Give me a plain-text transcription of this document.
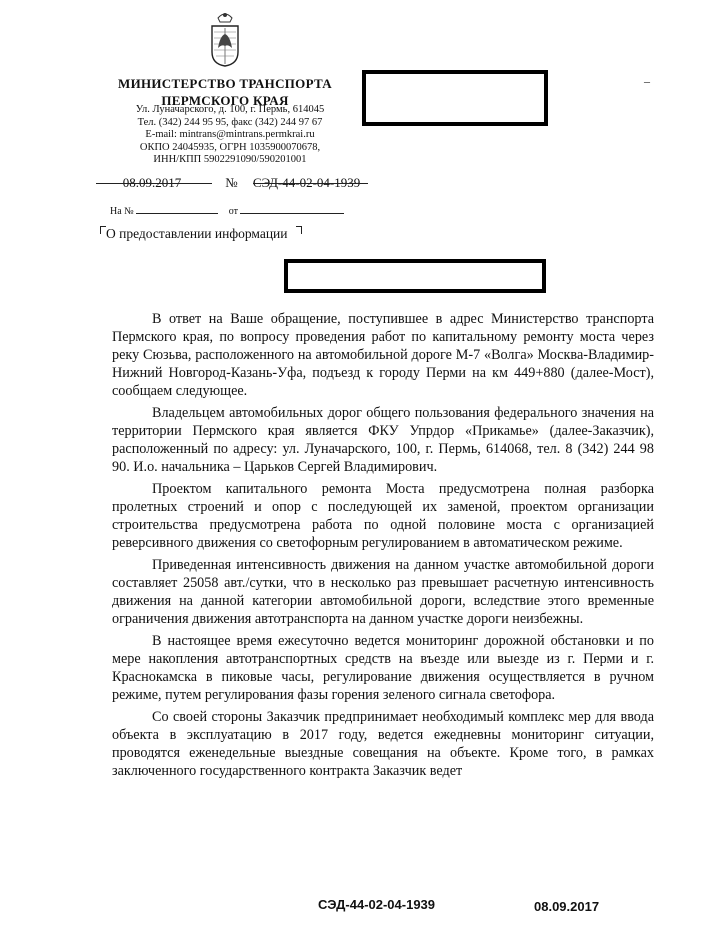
МИНИСТЕРСТВО ТРАНСПОРТА
ПЕРМСКОГО КРАЯ
Ул. Луначарского, д. 100, г. Пермь, 614045
Тел. (342) 244 95 95, факс (342) 244 97 67
E-mail: mintrans@mintrans.permkrai.ru
ОКПО 24045935, ОГРН 1035900070678,
ИНН/КПП 5902291090/590201001
–
08.09.2017	№ СЭД-44-02-04-1939
На №	от
О предоставлении информации

В ответ на Ваше обращение, поступившее в адрес Министерство транспорта Пермского края, по вопросу проведения работ по капитальному ремонту моста через реку Сюзьва, расположенного на автомобильной дороге М-7 «Волга» Москва-Владимир-Нижний Новгород-Казань-Уфа, подъезд к городу Перми на км 449+880 (далее-Мост), сообщаем следующее.

Владельцем автомобильных дорог общего пользования федерального значения на территории Пермского края является ФКУ Упрдор «Прикамье» (далее-Заказчик), расположенный по адресу: ул. Луначарского, 100, г. Пермь, 614068, тел. 8 (342) 244 98 90. И.о. начальника – Царьков Сергей Владимирович.

Проектом капитального ремонта Моста предусмотрена полная разборка пролетных строений и опор с последующей их заменой, проектом организации строительства предусмотрена работа по одной половине моста с организацией реверсивного движения со светофорным регулированием в автоматическом режиме.

Приведенная интенсивность движения на данном участке автомобильной дороги составляет 25058 авт./сутки, что в несколько раз превышает расчетную интенсивность движения на данной категории автомобильной дороги, вследствие этого временные ограничения движения автотранспорта на данном участке дороги неизбежны.

В настоящее время ежесуточно ведется мониторинг дорожной обстановки и по мере накопления автотранспортных средств на въезде или выезде из г. Перми и г. Краснокамска в пиковые часы, регулирование движения осуществляется в ручном режиме, путем регулирования фазы горения зеленого сигнала светофора.

Со своей стороны Заказчик предпринимает необходимый комплекс мер для ввода объекта в эксплуатацию в 2017 году, ведется ежедневны мониторинг ситуации, проводятся еженедельные выездные совещания на объекте. Кроме того, в рамках заключенного государственного контракта Заказчик ведет

СЭД-44-02-04-1939	08.09.2017
